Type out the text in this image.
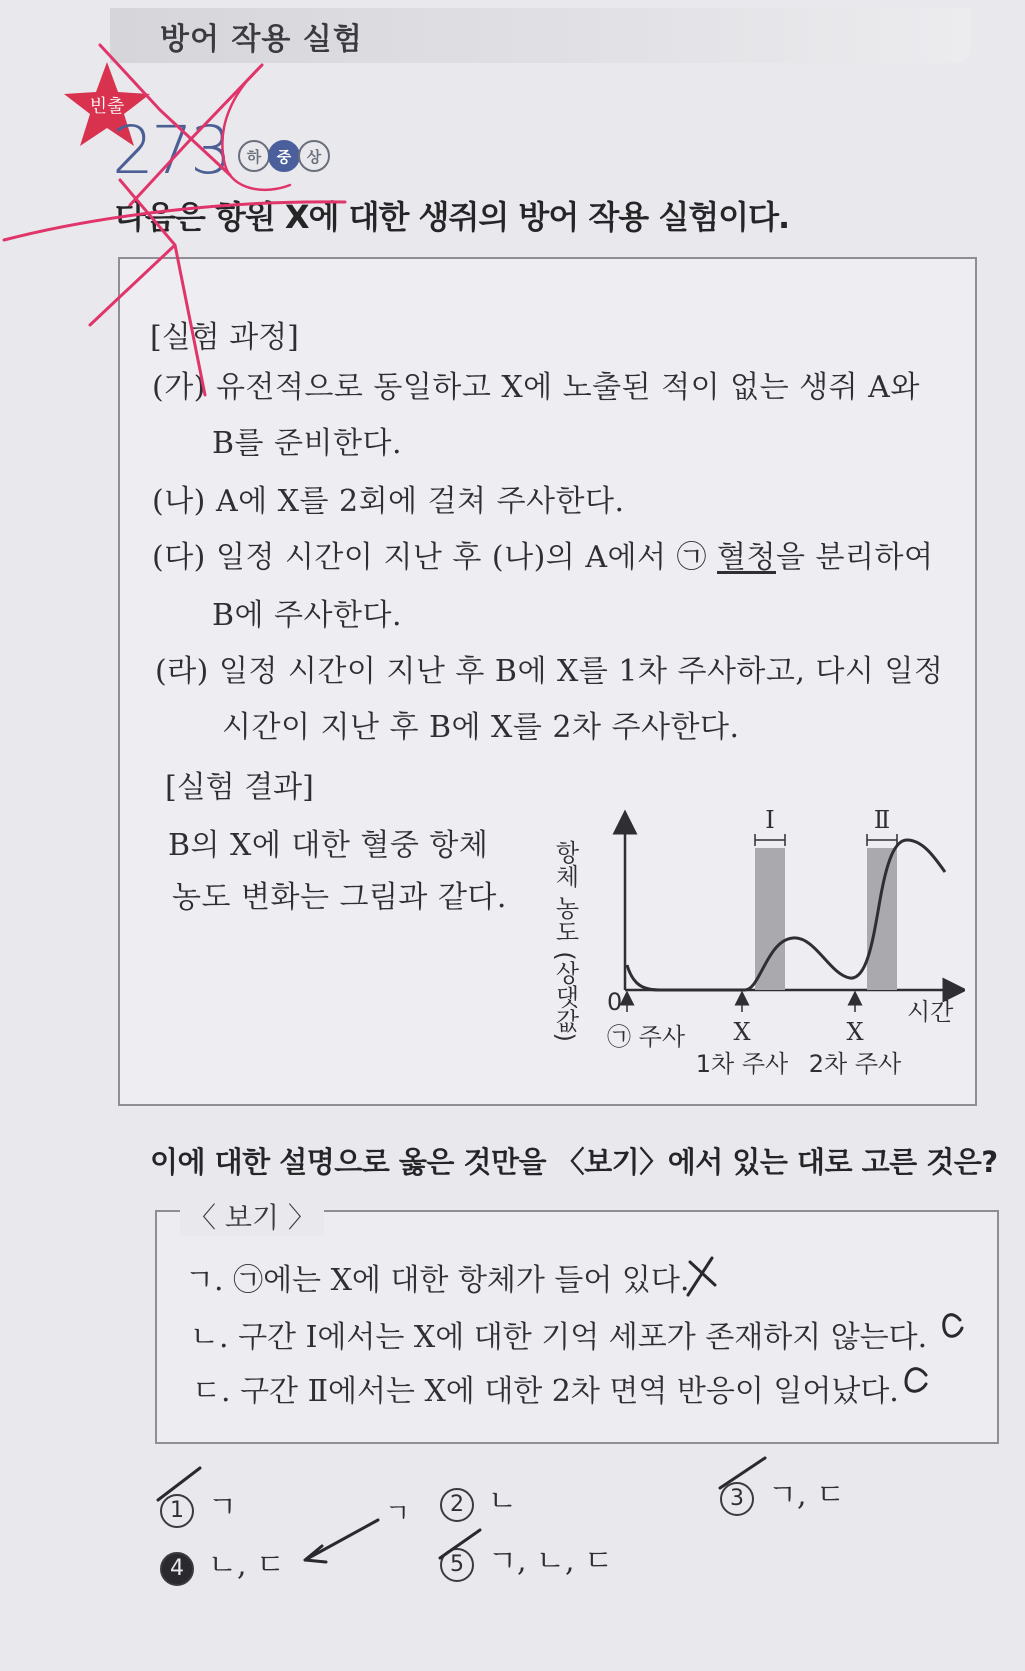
방어 작용 실험
빈출
273	하	중	상
다음은 항원 X에 대한 생쥐의 방어 작용 실험이다.
[실험 과정]
(가) 유전적으로 동일하고 X에 노출된 적이 없는 생쥐 A와
B를 준비한다.
(나) A에 X를 2회에 걸쳐 주사한다.
(다) 일정 시간이 지난 후 (나)의 A에서 ㉠ 혈청을 분리하여
B에 주사한다.
(라) 일정 시간이 지난 후 B에 X를 1차 주사하고, 다시 일정
시간이 지난 후 B에 X를 2차 주사한다.
[실험 결과]
B의 X에 대한 혈중 항체
농도 변화는 그림과 같다. 항체 농도 (상댓값)
Ⅰ	Ⅱ
0
㉠ 주사 X
1차 주사
X
2차 주사
시간
이에 대한 설명으로 옳은 것만을 〈보기〉에서 있는 대로 고른 것은?
〈 보기 〉
ㄱ. ㉠에는 X에 대한 항체가 들어 있다.
ㄴ. 구간 Ⅰ에서는 X에 대한 기억 세포가 존재하지 않는다.
ㄷ. 구간 Ⅱ에서는 X에 대한 2차 면역 반응이 일어났다.
1 ㄱ	2 ㄴ	3 ㄱ, ㄷ
4 ㄴ, ㄷ	5 ㄱ, ㄴ, ㄷ
ㄱ
